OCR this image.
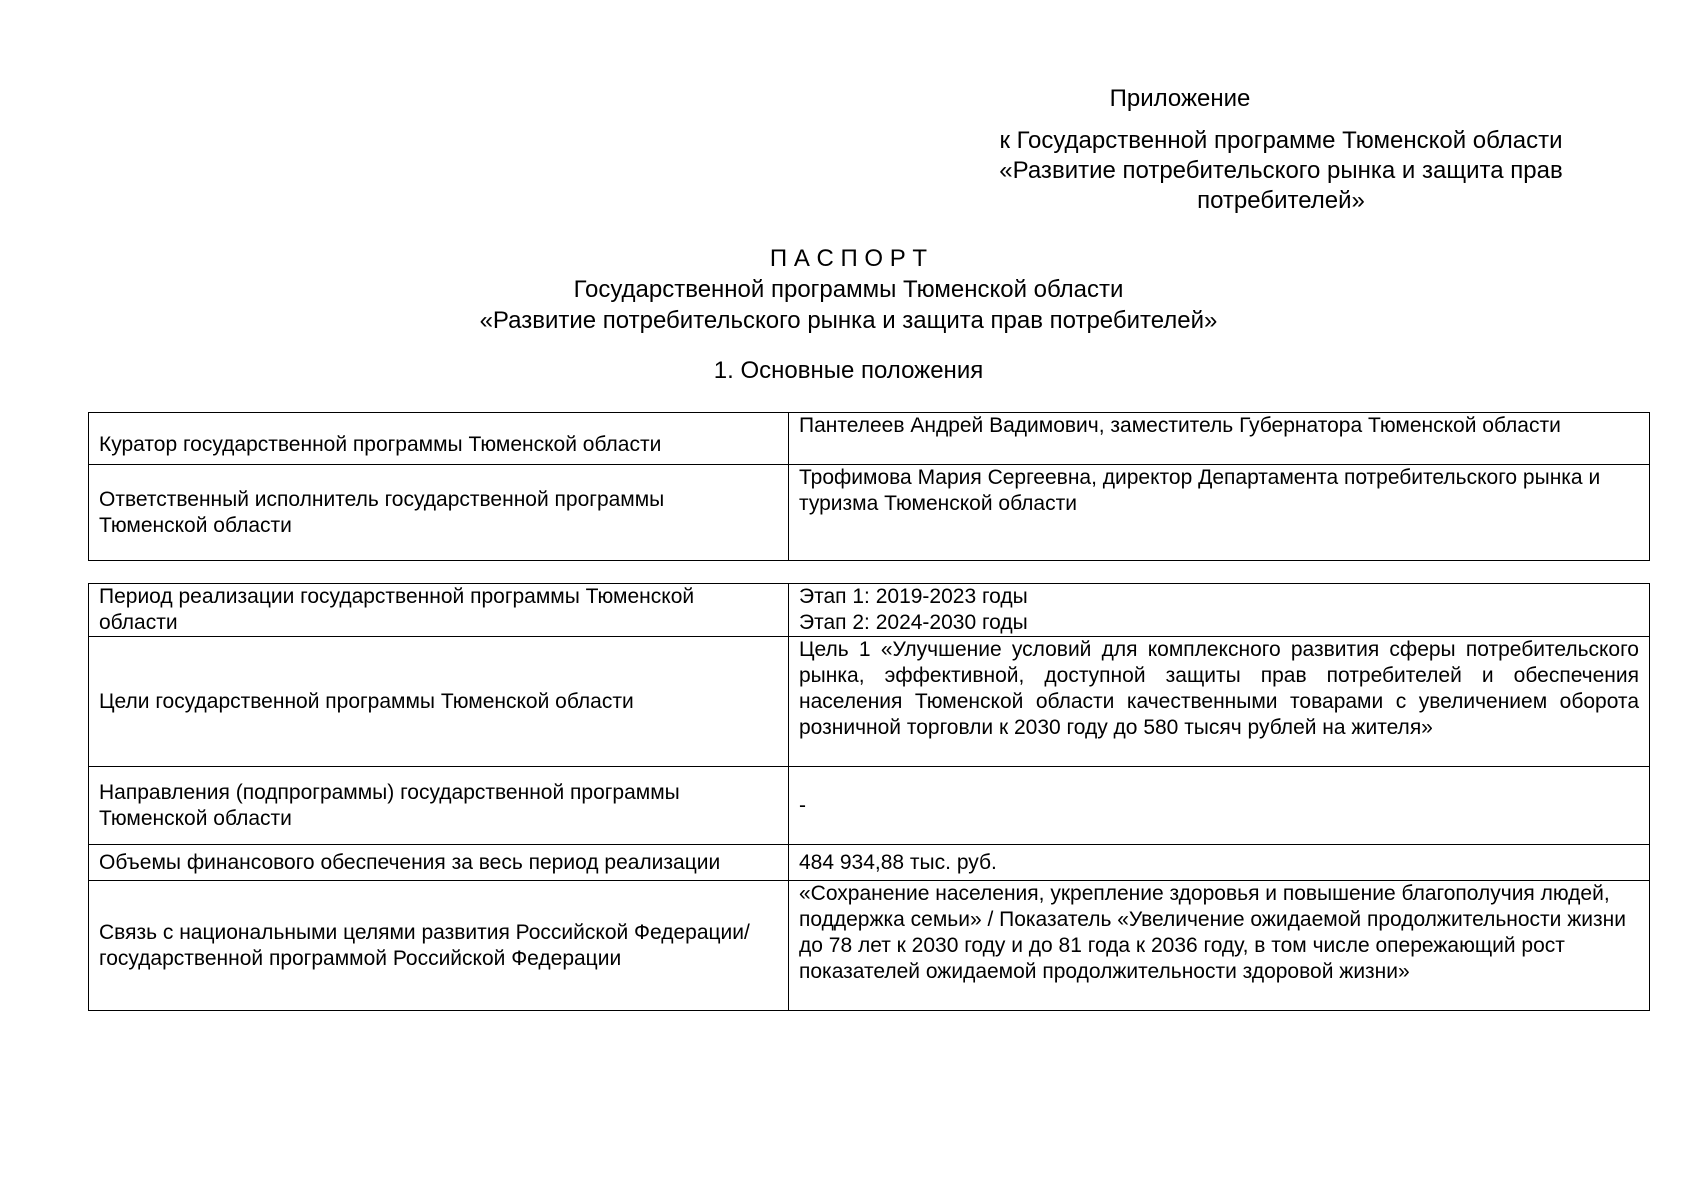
Приложение
к Государственной программе Тюменской области
«Развитие потребительского рынка и защита прав
потребителей»
П А С П О Р Т
Государственной программы Тюменской области
«Развитие потребительского рынка и защита прав потребителей»
1. Основные положения
Куратор государственной программы Тюменской области	Пантелеев Андрей Вадимович, заместитель Губернатора Тюменской области
Ответственный исполнитель государственной программы Тюменской области	Трофимова Мария Сергеевна, директор Департамента потребительского рынка и туризма Тюменской области
Период реализации государственной программы Тюменской области	Этап 1: 2019-2023 годы
Этап 2: 2024-2030 годы

Цели государственной программы Тюменской области	Цель 1 «Улучшение условий для комплексного развития сферы потребительского рынка, эффективной, доступной защиты прав потребителей и обеспечения населения Тюменской области качественными товарами с увеличением оборота розничной торговли к 2030 году до 580 тысяч рублей на жителя»
Направления (подпрограммы) государственной программы Тюменской области	-
Объемы финансового обеспечения за весь период реализации	484 934,88 тыс. руб.
Связь с национальными целями развития Российской Федерации/ государственной программой Российской Федерации	«Сохранение населения, укрепление здоровья и повышение благополучия людей, поддержка семьи» / Показатель «Увеличение ожидаемой продолжительности жизни до 78 лет к 2030 году и до 81 года к 2036 году, в том числе опережающий рост показателей ожидаемой продолжительности здоровой жизни»
